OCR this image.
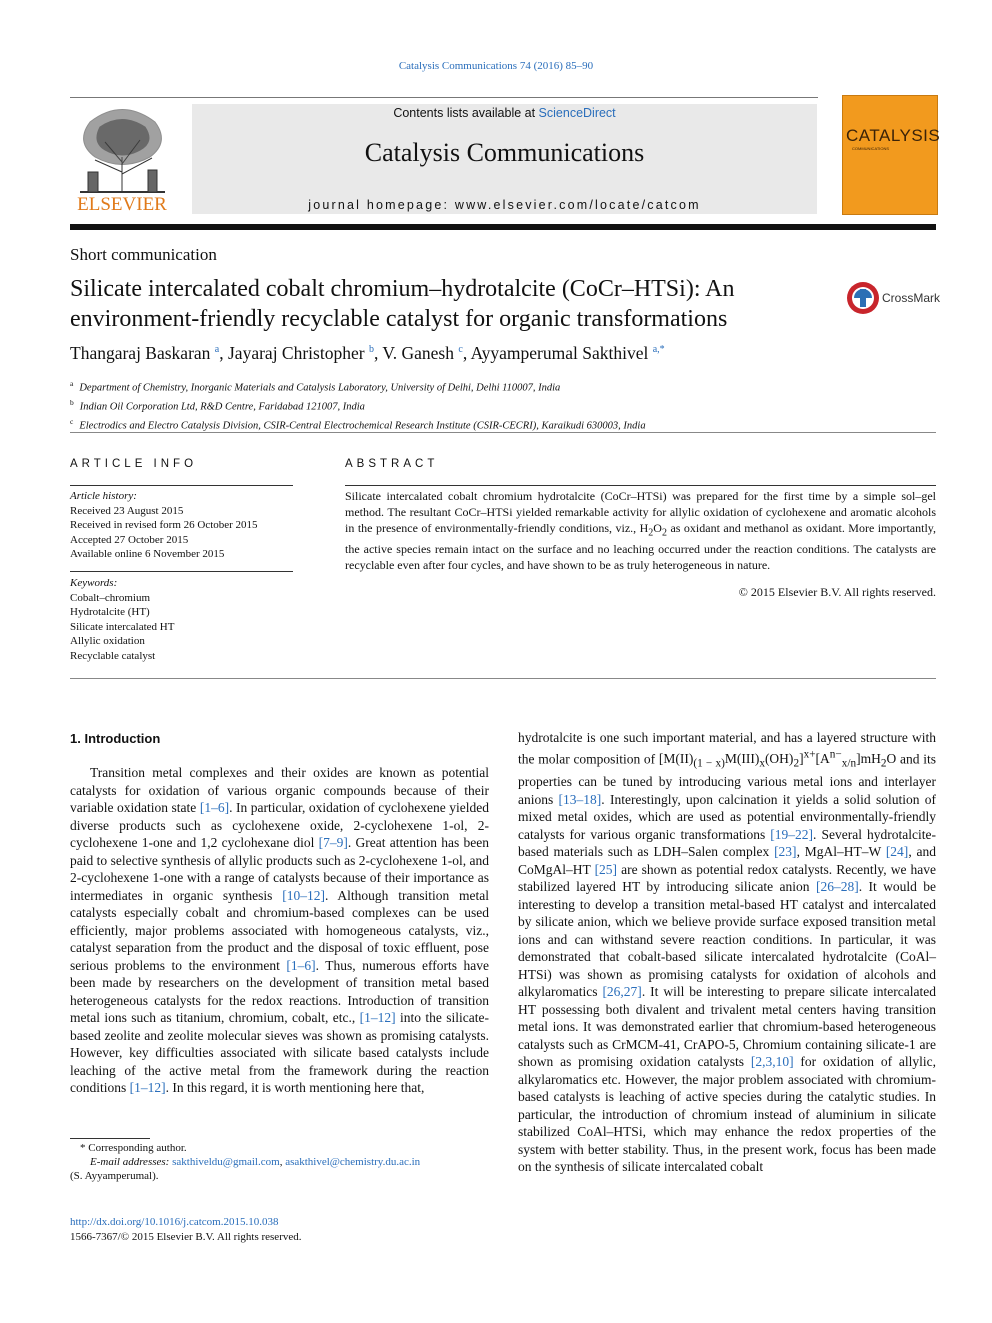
Catalysis Communications 74 (2016) 85–90
ELSEVIER
Contents lists available at ScienceDirect
Catalysis Communications
journal homepage: www.elsevier.com/locate/catcom
CATALYSIS
COMMUNICATIONS
Short communication
Silicate intercalated cobalt chromium–hydrotalcite (CoCr–HTSi): An environment-friendly recyclable catalyst for organic transformations
CrossMark
Thangaraj Baskaran $^a$, Jayaraj Christopher $^b$, V. Ganesh $^c$, Ayyamperumal Sakthivel $^{a,*}$
$^a$ Department of Chemistry, Inorganic Materials and Catalysis Laboratory, University of Delhi, Delhi 110007, India
$^b$ Indian Oil Corporation Ltd, R&D Centre, Faridabad 121007, India
$^c$ Electrodics and Electro Catalysis Division, CSIR-Central Electrochemical Research Institute (CSIR-CECRI), Karaikudi 630003, India
ARTICLE INFO
Article history:
Received 23 August 2015
Received in revised form 26 October 2015
Accepted 27 October 2015
Available online 6 November 2015
Keywords:
Cobalt–chromium
Hydrotalcite (HT)
Silicate intercalated HT
Allylic oxidation
Recyclable catalyst
ABSTRACT
Silicate intercalated cobalt chromium hydrotalcite (CoCr–HTSi) was prepared for the first time by a simple sol–gel method. The resultant CoCr–HTSi yielded remarkable activity for allylic oxidation of cyclohexene and aromatic alcohols in the presence of environmentally-friendly conditions, viz., $H_2O_2$ as oxidant and methanol as oxidant. More importantly, the active species remain intact on the surface and no leaching occurred under the reaction conditions. The catalysts are recyclable even after four cycles, and have shown to be as truly heterogeneous in nature.
© 2015 Elsevier B.V. All rights reserved.
1. Introduction
Transition metal complexes and their oxides are known as potential catalysts for oxidation of various organic compounds because of their variable oxidation state [1–6]. In particular, oxidation of cyclohexene yielded diverse products such as cyclohexene oxide, 2-cyclohexene 1-ol, 2-cyclohexene 1-one and 1,2 cyclohexane diol [7–9]. Great attention has been paid to selective synthesis of allylic products such as 2-cyclohexene 1-ol, and 2-cyclohexene 1-one with a range of catalysts because of their importance as intermediates in organic synthesis [10–12]. Although transition metal catalysts especially cobalt and chromium-based complexes can be used efficiently, major problems associated with homogeneous catalysts, viz., catalyst separation from the product and the disposal of toxic effluent, pose serious problems to the environment [1–6]. Thus, numerous efforts have been made by researchers on the development of transition metal based heterogeneous catalysts for the redox reactions. Introduction of transition metal ions such as titanium, chromium, cobalt, etc., [1–12] into the silicate-based zeolite and zeolite molecular sieves was shown as promising catalysts. However, key difficulties associated with silicate based catalysts include leaching of the active metal from the framework during the reaction conditions [1–12]. In this regard, it is worth mentioning here that,
hydrotalcite is one such important material, and has a layered structure with the molar composition of $[M(II)_{(1 - x)}M(III)_x(OH)_2]^{x+}[A^{n-}_{x/n}]mH_2O$ and its properties can be tuned by introducing various metal ions and interlayer anions [13–18]. Interestingly, upon calcination it yields a solid solution of mixed metal oxides, which are used as potential environmentally-friendly catalysts for various organic transformations [19–22]. Several hydrotalcite-based materials such as LDH–Salen complex [23], MgAl–HT–W [24], and CoMgAl–HT [25] are shown as potential redox catalysts. Recently, we have stabilized layered HT by introducing silicate anion [26–28]. It would be interesting to develop a transition metal-based HT catalyst and intercalated by silicate anion, which we believe provide surface exposed transition metal ions and can withstand severe reaction conditions. In particular, it was demonstrated that cobalt-based silicate intercalated hydrotalcite (CoAl–HTSi) was shown as promising catalysts for oxidation of alcohols and alkylaromatics [26,27]. It will be interesting to prepare silicate intercalated HT possessing both divalent and trivalent metal centers having transition metal ions. It was demonstrated earlier that chromium-based heterogeneous catalysts such as CrMCM-41, CrAPO-5, Chromium containing silicate-1 are shown as promising oxidation catalysts [2,3,10] for oxidation of allylic, alkylaromatics etc. However, the major problem associated with chromium-based catalysts is leaching of active species during the catalytic studies. In particular, the introduction of chromium instead of aluminium in silicate stabilized CoAl–HTSi, which may enhance the redox properties of the system with better stability. Thus, in the present work, focus has been made on the synthesis of silicate intercalated cobalt
* Corresponding author.
E-mail addresses: sakthiveldu@gmail.com, asakthivel@chemistry.du.ac.in
(S. Ayyamperumal).
http://dx.doi.org/10.1016/j.catcom.2015.10.038
1566-7367/© 2015 Elsevier B.V. All rights reserved.
